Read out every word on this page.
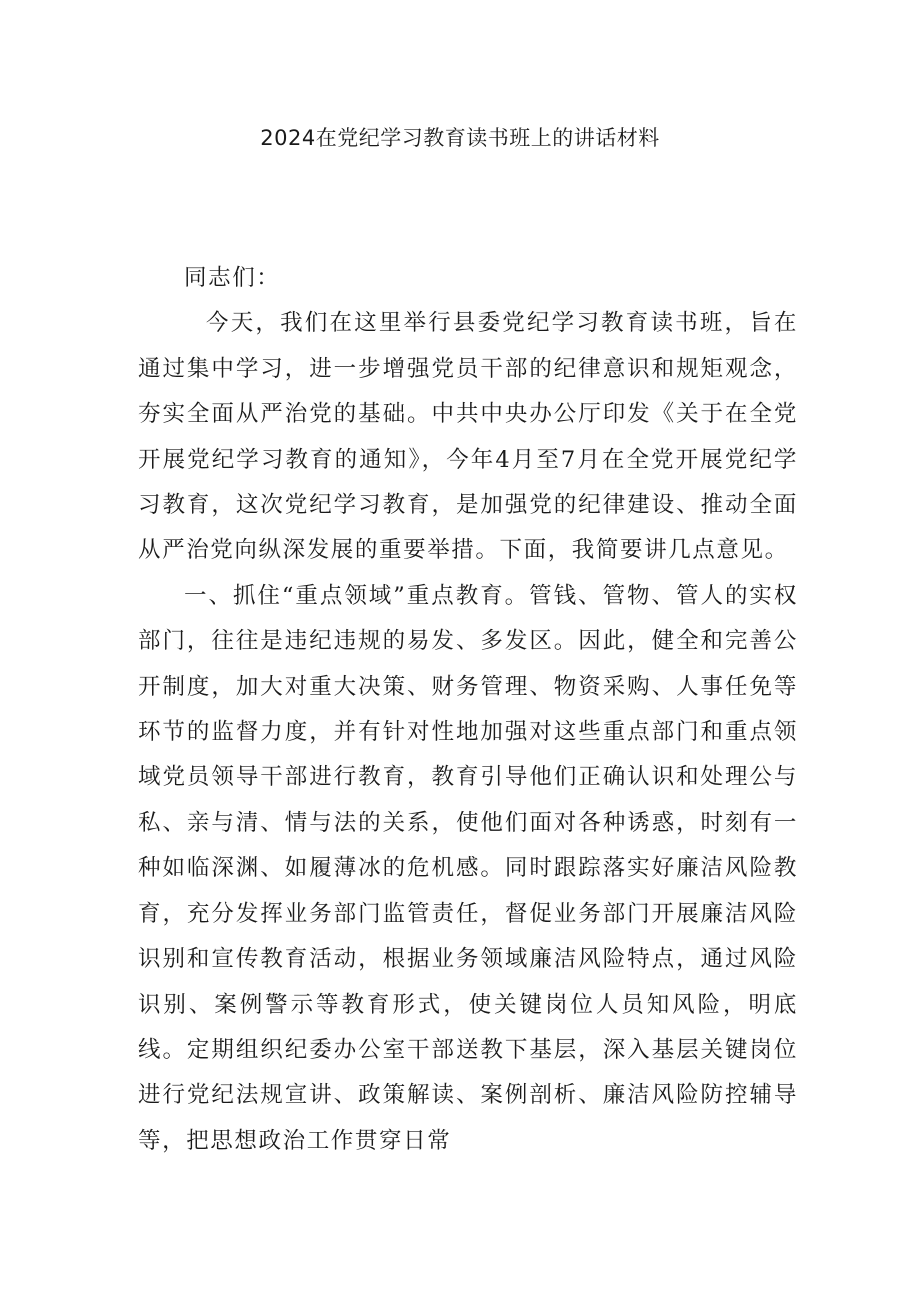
2024在党纪学习教育读书班上的讲话材料

同志们：

今天，我们在这里举行县委党纪学习教育读书班，旨在通过集中学习，进一步增强党员干部的纪律意识和规矩观念，夯实全面从严治党的基础。中共中央办公厅印发《关于在全党开展党纪学习教育的通知》，今年4月至7月在全党开展党纪学习教育，这次党纪学习教育，是加强党的纪律建设、推动全面从严治党向纵深发展的重要举措。下面，我简要讲几点意见。

一、抓住“重点领域”重点教育。管钱、管物、管人的实权部门，往往是违纪违规的易发、多发区。因此，健全和完善公开制度，加大对重大决策、财务管理、物资采购、人事任免等环节的监督力度，并有针对性地加强对这些重点部门和重点领域党员领导干部进行教育，教育引导他们正确认识和处理公与私、亲与清、情与法的关系，使他们面对各种诱惑，时刻有一种如临深渊、如履薄冰的危机感。同时跟踪落实好廉洁风险教育，充分发挥业务部门监管责任，督促业务部门开展廉洁风险识别和宣传教育活动，根据业务领域廉洁风险特点，通过风险识别、案例警示等教育形式，使关键岗位人员知风险，明底线。定期组织纪委办公室干部送教下基层，深入基层关键岗位进行党纪法规宣讲、政策解读、案例剖析、廉洁风险防控辅导等，把思想政治工作贯穿日常
